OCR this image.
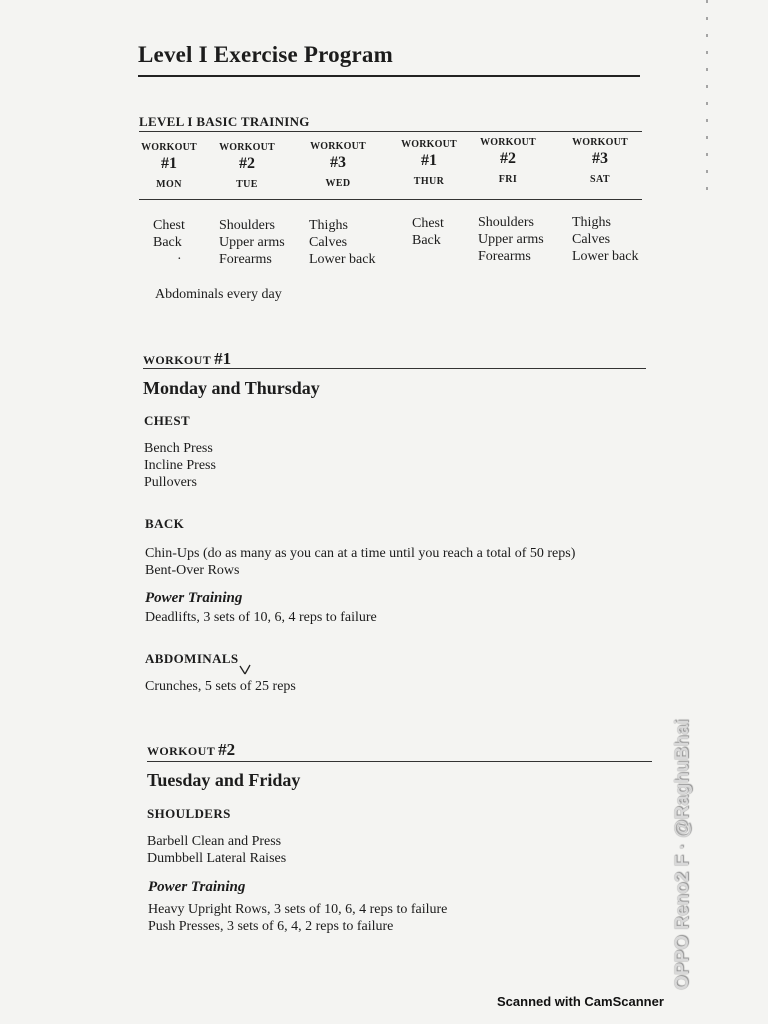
Level I Exercise Program
LEVEL I BASIC TRAINING
WORKOUT
#1
MON
WORKOUT
#2
TUE
WORKOUT
#3
WED
WORKOUT
#1
THUR
WORKOUT
#2
FRI
WORKOUT
#3
SAT
Chest
Back
·
Shoulders
Upper arms
Forearms
Thighs
Calves
Lower back
Chest
Back
Shoulders
Upper arms
Forearms
Thighs
Calves
Lower back
Abdominals every day
WORKOUT #1
Monday and Thursday
CHEST
Bench Press
Incline Press
Pullovers
BACK
Chin-Ups (do as many as you can at a time until you reach a total of 50 reps)
Bent-Over Rows
Power Training
Deadlifts, 3 sets of 10, 6, 4 reps to failure
ABDOMINALS
Crunches, 5 sets of 25 reps
WORKOUT #2
Tuesday and Friday
SHOULDERS
Barbell Clean and Press
Dumbbell Lateral Raises
Power Training
Heavy Upright Rows, 3 sets of 10, 6, 4 reps to failure
Push Presses, 3 sets of 6, 4, 2 reps to failure	OPPO Reno2 F · @RaghuBhai
Scanned with CamScanner
